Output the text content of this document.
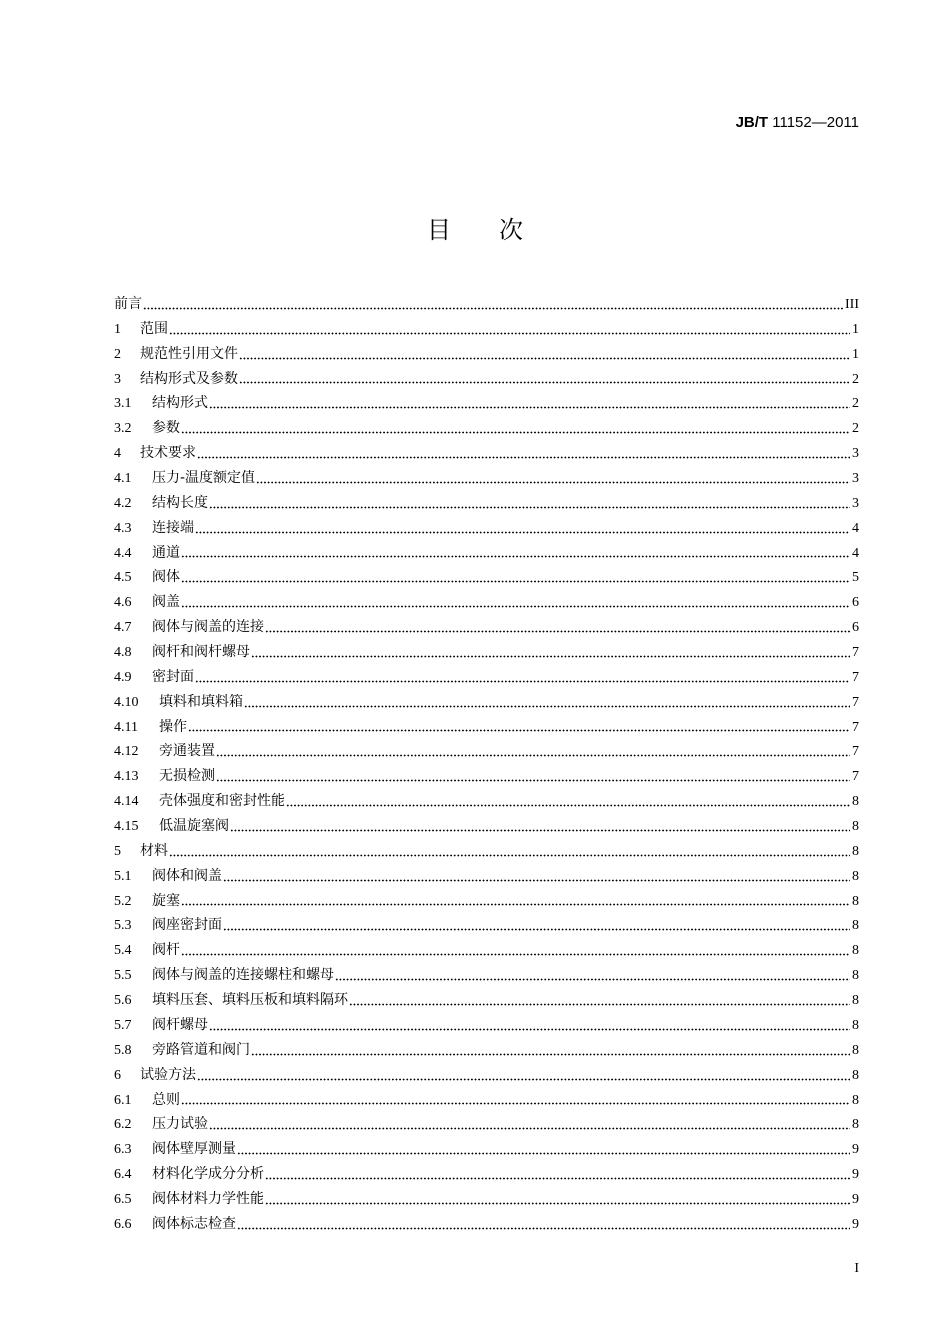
JB/T 11152—2011
目次
前言	III
1	范围	1
2	规范性引用文件	1
3	结构形式及参数	2
3.1	结构形式	2
3.2	参数	2
4	技术要求	3
4.1	压力-温度额定值	3
4.2	结构长度	3
4.3	连接端	4
4.4	通道	4
4.5	阀体	5
4.6	阀盖	6
4.7	阀体与阀盖的连接	6
4.8	阀杆和阀杆螺母	7
4.9	密封面	7
4.10	填料和填料箱	7
4.11	操作	7
4.12	旁通装置	7
4.13	无损检测	7
4.14	壳体强度和密封性能	8
4.15	低温旋塞阀	8
5	材料	8
5.1	阀体和阀盖	8
5.2	旋塞	8
5.3	阀座密封面	8
5.4	阀杆	8
5.5	阀体与阀盖的连接螺柱和螺母	8
5.6	填料压套、填料压板和填料隔环	8
5.7	阀杆螺母	8
5.8	旁路管道和阀门	8
6	试验方法	8
6.1	总则	8
6.2	压力试验	8
6.3	阀体壁厚测量	9
6.4	材料化学成分分析	9
6.5	阀体材料力学性能	9
6.6	阀体标志检查	9
I
